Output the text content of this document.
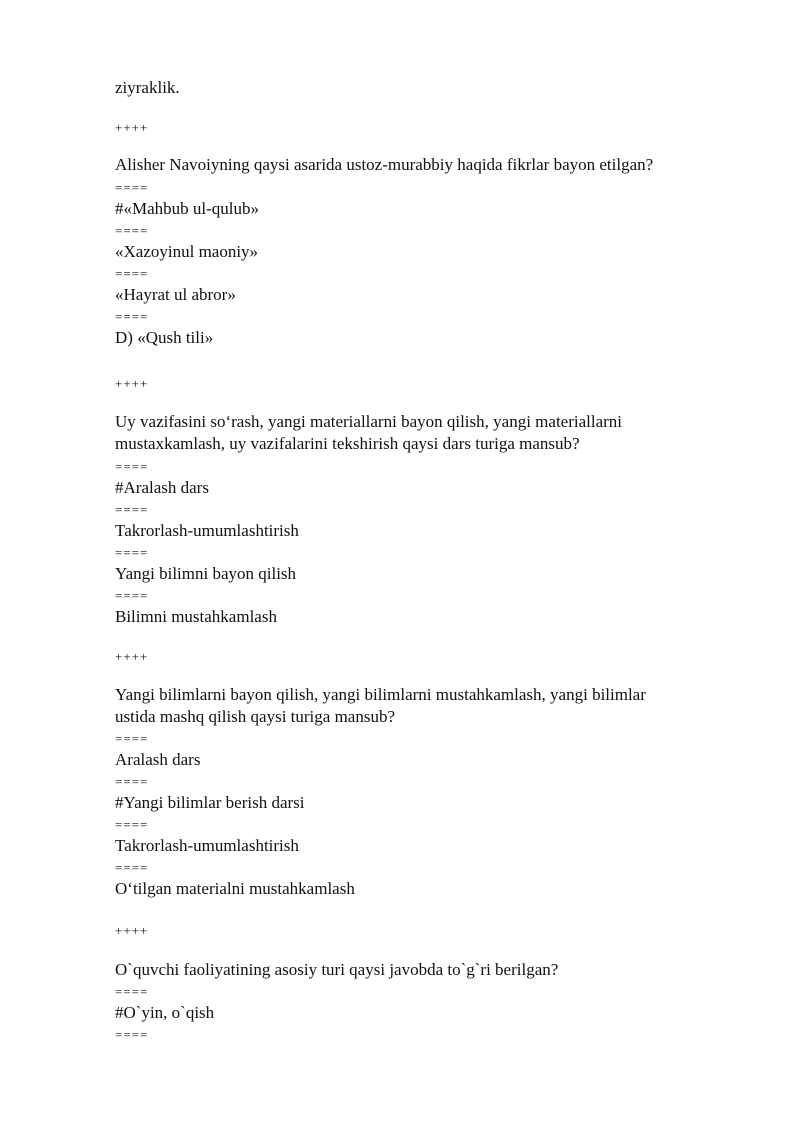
ziyraklik.
++++
Alisher Navoiyning qaysi asarida ustoz-murabbiy haqida fikrlar bayon etilgan?
====
#«Mahbub ul-qulub»
====
«Xazoyinul maoniy»
====
«Hayrat ul abror»
====
D) «Qush tili»
++++
Uy vazifasini so‘rash, yangi materiallarni bayon qilish, yangi materiallarni
mustaxkamlash, uy vazifalarini tekshirish qaysi dars turiga mansub?
====
#Aralash dars
====
Takrorlash-umumlashtirish
====
Yangi bilimni bayon qilish
====
Bilimni mustahkamlash
++++
Yangi bilimlarni bayon qilish, yangi bilimlarni mustahkamlash, yangi bilimlar
ustida mashq qilish qaysi turiga mansub?
====
Aralash dars
====
#Yangi bilimlar berish darsi
====
Takrorlash-umumlashtirish
====
O‘tilgan materialni mustahkamlash
++++
O`quvchi faoliyatining asosiy turi qaysi javobda to`g`ri berilgan?
====
#O`yin, o`qish
====
